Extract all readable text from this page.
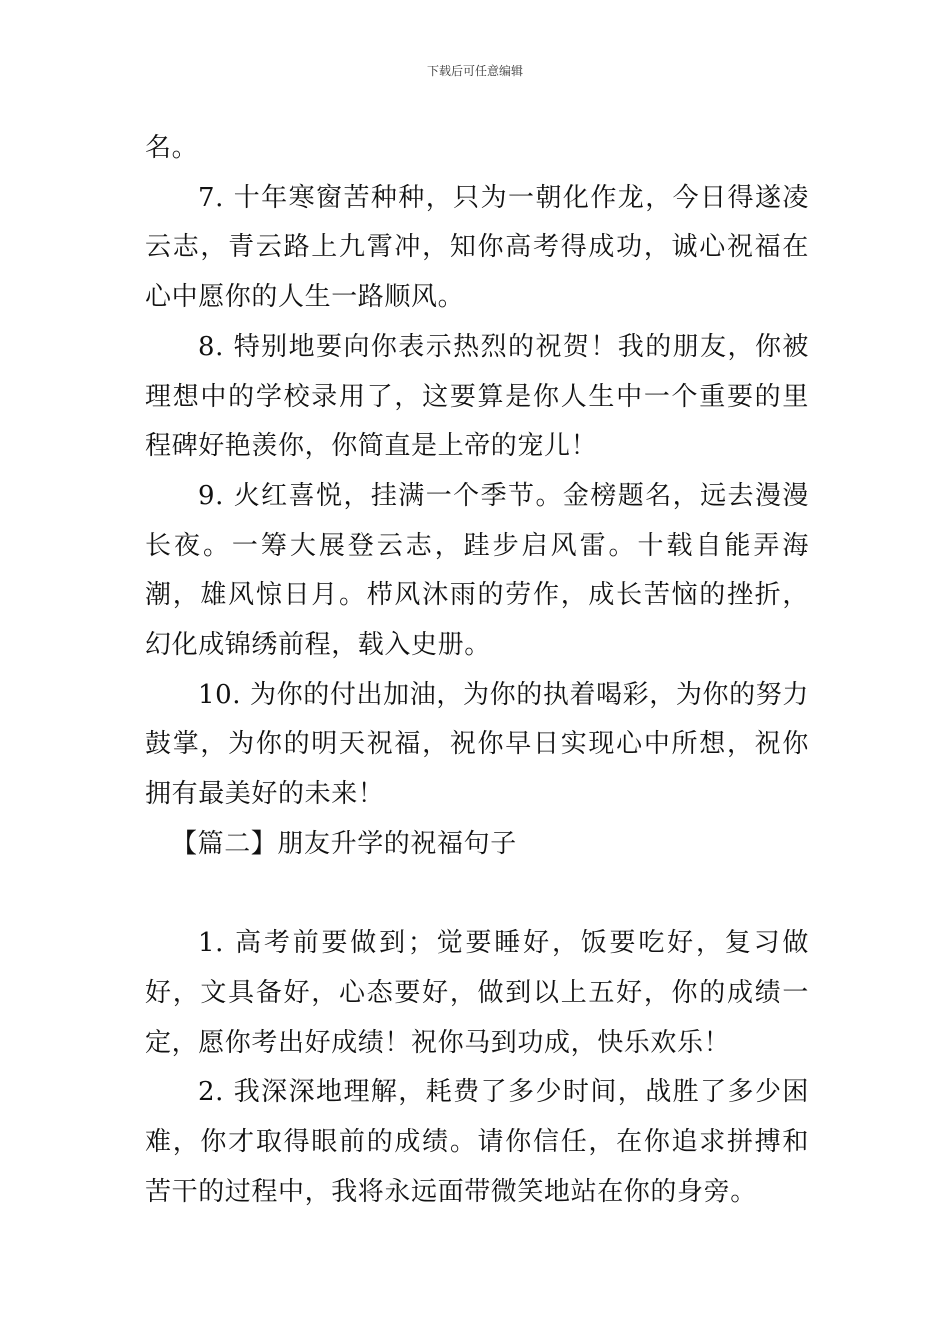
下载后可任意编辑

名。

7. 十年寒窗苦种种，只为一朝化作龙，今日得遂凌云志，青云路上九霄冲，知你高考得成功，诚心祝福在心中愿你的人生一路顺风。

8. 特别地要向你表示热烈的祝贺！我的朋友，你被理想中的学校录用了，这要算是你人生中一个重要的里程碑好艳羡你，你简直是上帝的宠儿！

9. 火红喜悦，挂满一个季节。金榜题名，远去漫漫长夜。一筹大展登云志，跬步启风雷。十载自能弄海潮，雄风惊日月。栉风沐雨的劳作，成长苦恼的挫折，幻化成锦绣前程，载入史册。

10. 为你的付出加油，为你的执着喝彩，为你的努力鼓掌，为你的明天祝福，祝你早日实现心中所想，祝你拥有最美好的未来！

【篇二】朋友升学的祝福句子

1. 高考前要做到；觉要睡好，饭要吃好，复习做好，文具备好，心态要好，做到以上五好，你的成绩一定，愿你考出好成绩！祝你马到功成，快乐欢乐！

2. 我深深地理解，耗费了多少时间，战胜了多少困难，你才取得眼前的成绩。请你信任，在你追求拼搏和苦干的过程中，我将永远面带微笑地站在你的身旁。
